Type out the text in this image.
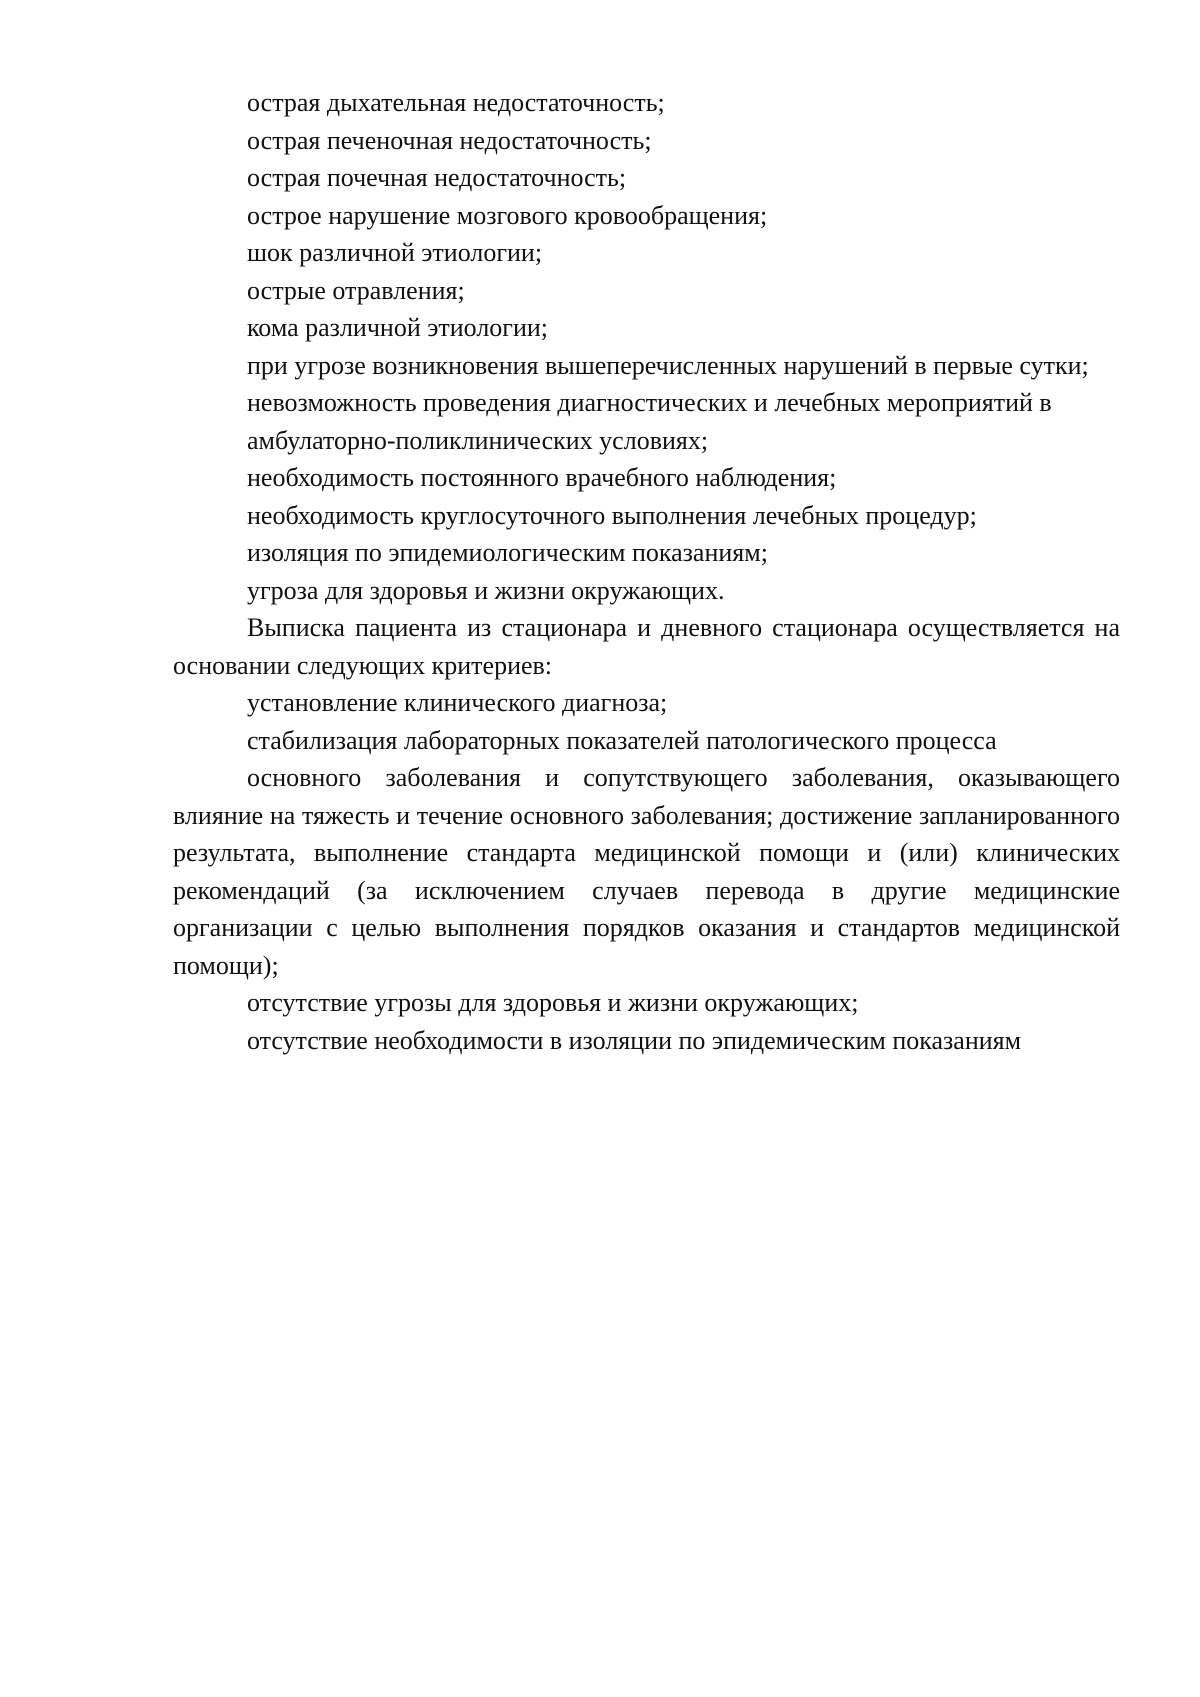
острая дыхательная недостаточность;

острая печеночная недостаточность;

острая почечная недостаточность;

острое нарушение мозгового кровообращения;

шок различной этиологии;

острые отравления;

кома различной этиологии;

при угрозе возникновения вышеперечисленных нарушений в первые сутки;

невозможность проведения диагностических и лечебных мероприятий в амбулаторно-поликлинических условиях;

необходимость постоянного врачебного наблюдения;

необходимость круглосуточного выполнения лечебных процедур;

изоляция по эпидемиологическим показаниям;

угроза для здоровья и жизни окружающих.

Выписка пациента из стационара и дневного стационара осуществляется на основании следующих критериев:

установление клинического диагноза;

стабилизация лабораторных показателей патологического процесса

основного заболевания и сопутствующего заболевания, оказывающего влияние на тяжесть и течение основного заболевания; достижение запланированного результата, выполнение стандарта медицинской помощи и (или) клинических рекомендаций (за исключением случаев перевода в другие медицинские организации с целью выполнения порядков оказания и стандартов медицинской помощи);

отсутствие угрозы для здоровья и жизни окружающих;

отсутствие необходимости в изоляции по эпидемическим показаниям
